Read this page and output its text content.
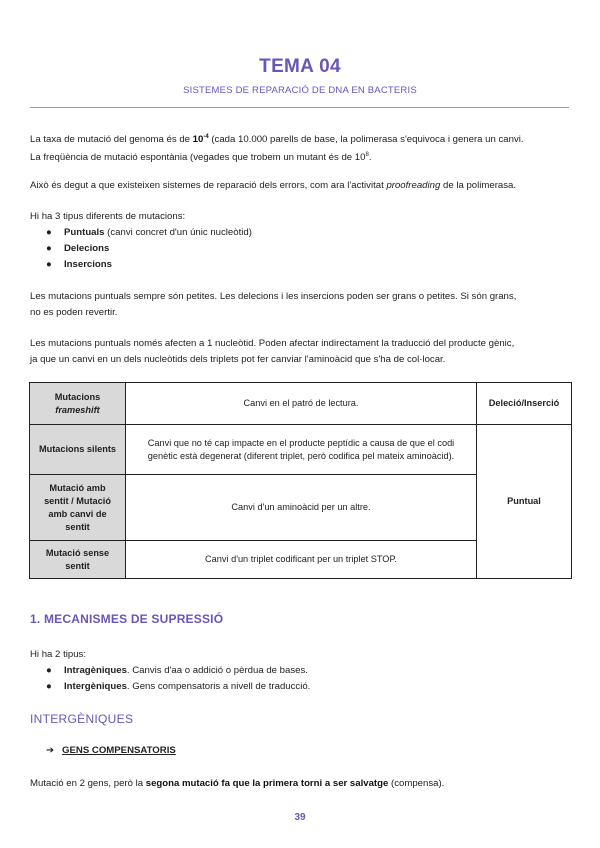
TEMA 04
SISTEMES DE REPARACIÓ DE DNA EN BACTERIS
La taxa de mutació del genoma és de $10^{-4}$ (cada 10.000 parells de base, la polimerasa s'equivoca i genera un canvi.
La freqüència de mutació espontània (vegades que trobem un mutant és de $10^8$.
Això és degut a que existeixen sistemes de reparació dels errors, com ara l'activitat proofreading de la polimerasa.
Hi ha 3 tipus diferents de mutacions:
● Puntuals (canvi concret d'un únic nucleòtid)
● Delecions
● Insercions
Les mutacions puntuals sempre són petites. Les delecions i les insercions poden ser grans o petites. Si són grans,
no es poden revertir.
Les mutacions puntuals només afecten a 1 nucleòtid. Poden afectar indirectament la traducció del producte gènic,
ja que un canvi en un dels nucleòtids dels triplets pot fer canviar l'aminoàcid que s'ha de col·locar.
Mutacions
frameshift	Canvi en el patró de lectura.	Deleció/Inserció
Mutacions silents	Canvi que no té cap impacte en el producte peptídic a causa de que el codi genètic està degenerat (diferent triplet, però codifica pel mateix aminoàcid).	Puntual
Mutació amb sentit / Mutació amb canvi de sentit	Canvi d'un aminoàcid per un altre.	
Mutació sense sentit	Canvi d'un triplet codificant per un triplet STOP.	
1. MECANISMES DE SUPRESSIÓ
Hi ha 2 tipus:
● Intragèniques. Canvis d'aa o addició o pèrdua de bases.
● Intergèniques. Gens compensatoris a nivell de traducció.
INTERGÈNIQUES
➔ GENS COMPENSATORIS
Mutació en 2 gens, però la segona mutació fa que la primera torni a ser salvatge (compensa).
39
